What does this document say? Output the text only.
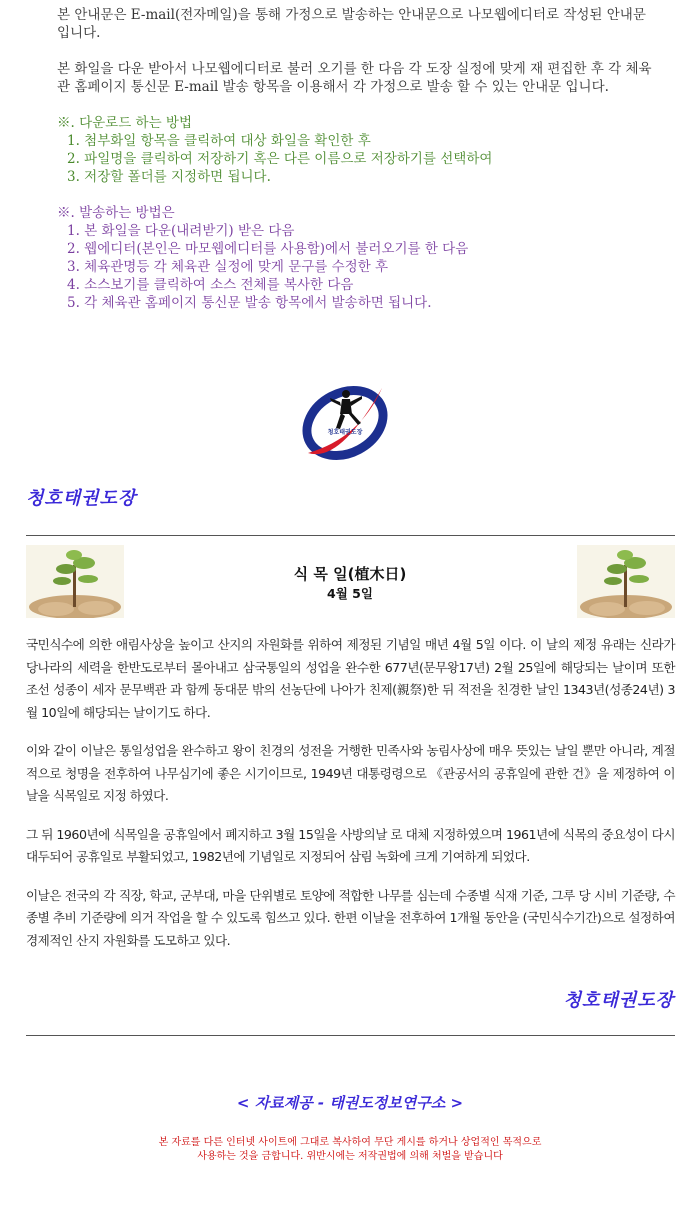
본 안내문은 E-mail(전자메일)을 통해 가정으로 발송하는 안내문으로 나모웹에디터로 작성된 안내문 입니다.

본 화일을 다운 받아서 나모웹에디터로 불러 오기를 한 다음 각 도장 실정에 맞게 재 편집한 후 각 체육관 홈페이지 통신문 E-mail 발송 항목을 이용해서 각 가정으로 발송 할 수 있는 안내문 입니다.

※. 다운로드 하는 방법
1. 첨부화일 항목을 클릭하여 대상 화일을 확인한 후
2. 파일명을 클릭하여 저장하기 혹은 다른 이름으로 저장하기를 선택하여
3. 저장할 폴더를 지정하면 됩니다.
※. 발송하는 방법은
1. 본 화일을 다운(내려받기) 받은 다음
2. 웹에디터(본인은 마모웹에디터를 사용함)에서 불러오기를 한 다음
3. 체육관명등 각 체육관 실정에 맞게 문구를 수정한 후
4. 소스보기를 클릭하여 소스 전체를 복사한 다음
5. 각 체육관 홈페이지 통신문 발송 항목에서 발송하면 됩니다.
청호태권도장
청호태권도장
식 목 일(植木日)
4월 5일

국민식수에 의한 애림사상을 높이고 산지의 자원화를 위하여 제정된 기념일 매년 4월 5일 이다. 이 날의 제정 유래는 신라가 당나라의 세력을 한반도로부터 몰아내고 삼국통일의 성업을 완수한 677년(문무왕17년) 2월 25일에 해당되는 날이며 또한 조선 성종이 세자 문무백관 과 함께 동대문 밖의 선농단에 나아가 친제(親祭)한 뒤 적전을 친경한 날인 1343년(성종24년) 3월 10일에 해당되는 날이기도 하다.

이와 같이 이날은 통일성업을 완수하고 왕이 친경의 성전을 거행한 민족사와 농림사상에 매우 뜻있는 날일 뿐만 아니라, 계절적으로 청명을 전후하여 나무심기에 좋은 시기이므로, 1949년 대통령령으로 《관공서의 공휴일에 관한 건》을 제정하여 이날을 식목일로 지정 하였다.

그 뒤 1960년에 식목일을 공휴일에서 폐지하고 3월 15일을 사방의날 로 대체 지정하였으며 1961년에 식목의 중요성이 다시 대두되어 공휴일로 부활되었고, 1982년에 기념일로 지정되어 삼림 녹화에 크게 기여하게 되었다.

이날은 전국의 각 직장, 학교, 군부대, 마을 단위별로 토양에 적합한 나무를 심는데 수종별 식재 기준, 그루 당 시비 기준량, 수종별 추비 기준량에 의거 작업을 할 수 있도록 힘쓰고 있다. 한편 이날을 전후하여 1개월 동안을 (국민식수기간)으로 설정하여 경제적인 산지 자원화를 도모하고 있다.

청호태권도장
< 자료제공 - 태권도정보연구소 >
본 자료를 다른 인터넷 사이트에 그대로 복사하여 무단 게시를 하거나 상업적인 목적으로
사용하는 것을 금합니다. 위반시에는 저작권법에 의해 처벌을 받습니다
